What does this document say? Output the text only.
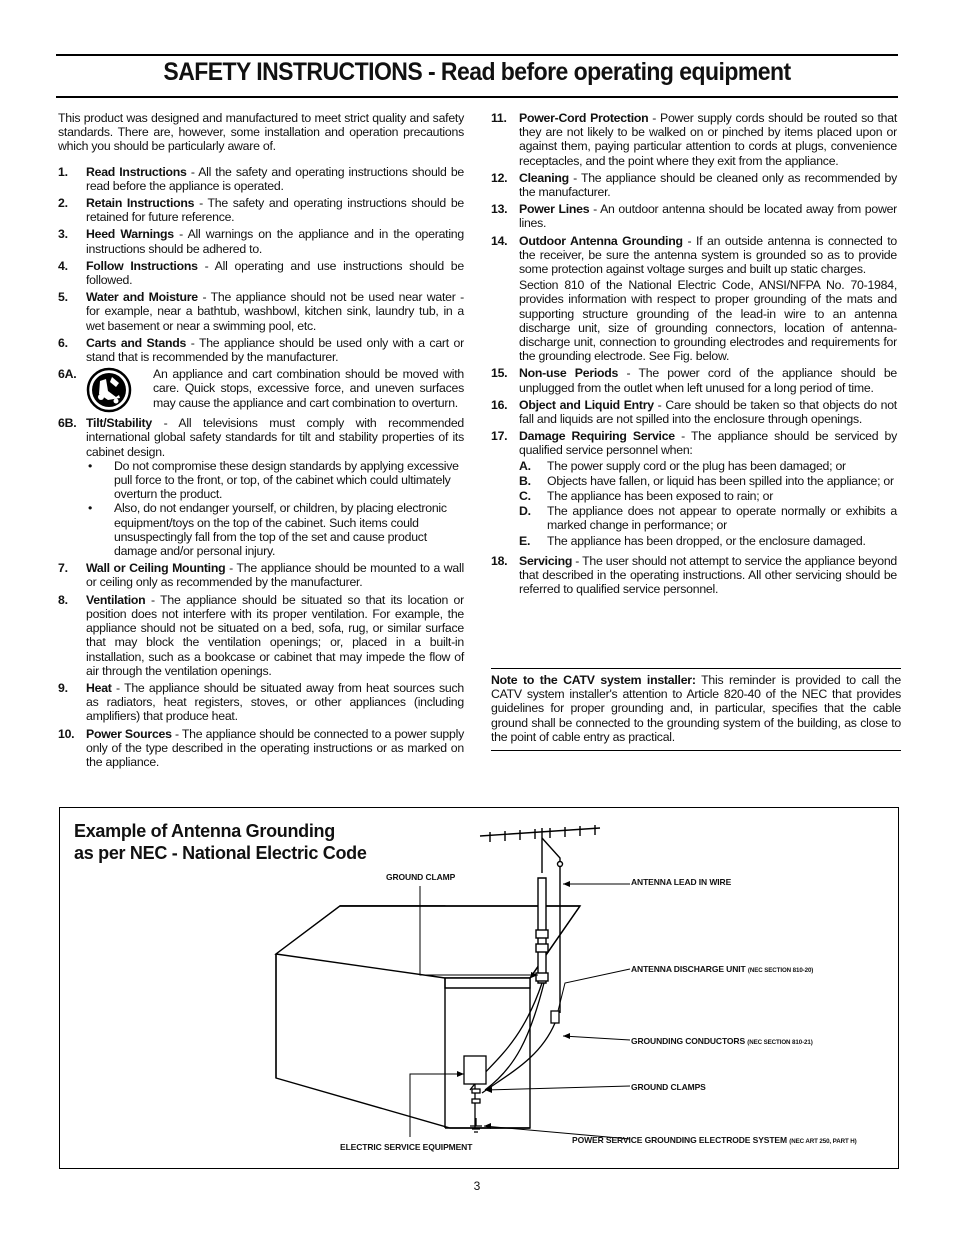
SAFETY INSTRUCTIONS - Read before operating equipment
This product was designed and manufactured to meet strict quality and safety standards. There are, however, some installation and operation precautions which you should be particularly aware of.
1. Read Instructions - All the safety and operating instructions should be read before the appliance is operated.
2. Retain Instructions - The safety and operating instructions should be retained for future reference.
3. Heed Warnings - All warnings on the appliance and in the operating instructions should be adhered to.
4. Follow Instructions - All operating and use instructions should be followed.
5. Water and Moisture - The appliance should not be used near water - for example, near a bathtub, washbowl, kitchen sink, laundry tub, in a wet basement or near a swimming pool, etc.
6. Carts and Stands - The appliance should be used only with a cart or stand that is recommended by the manufacturer.
6A.	An appliance and cart combination should be moved with care. Quick stops, excessive force, and uneven surfaces may cause the appliance and cart combination to overturn.
6B. Tilt/Stability - All televisions must comply with recommended international global safety standards for tilt and stability properties of its cabinet design.
• Do not compromise these design standards by applying excessive pull force to the front, or top, of the cabinet which could ultimately overturn the product.
• Also, do not endanger yourself, or children, by placing electronic equipment/toys on the top of the cabinet. Such items could unsuspectingly fall from the top of the set and cause product damage and/or personal injury.
7. Wall or Ceiling Mounting - The appliance should be mounted to a wall or ceiling only as recommended by the manufacturer.
8. Ventilation - The appliance should be situated so that its location or position does not interfere with its proper ventilation. For example, the appliance should not be situated on a bed, sofa, rug, or similar surface that may block the ventilation openings; or, placed in a built-in installation, such as a bookcase or cabinet that may impede the flow of air through the ventilation openings.
9. Heat - The appliance should be situated away from heat sources such as radiators, heat registers, stoves, or other appliances (including amplifiers) that produce heat.
10. Power Sources - The appliance should be connected to a power supply only of the type described in the operating instructions or as marked on the appliance.
11. Power-Cord Protection - Power supply cords should be routed so that they are not likely to be walked on or pinched by items placed upon or against them, paying particular attention to cords at plugs, convenience receptacles, and the point where they exit from the appliance.
12. Cleaning - The appliance should be cleaned only as recommended by the manufacturer.
13. Power Lines - An outdoor antenna should be located away from power lines.
14. Outdoor Antenna Grounding - If an outside antenna is connected to the receiver, be sure the antenna system is grounded so as to provide some protection against voltage surges and built up static charges.
Section 810 of the National Electric Code, ANSI/NFPA No. 70-1984, provides information with respect to proper grounding of the mats and supporting structure grounding of the lead-in wire to an antenna discharge unit, size of grounding connectors, location of antenna-discharge unit, connection to grounding electrodes and requirements for the grounding electrode. See Fig. below.
15. Non-use Periods - The power cord of the appliance should be unplugged from the outlet when left unused for a long period of time.
16. Object and Liquid Entry - Care should be taken so that objects do not fall and liquids are not spilled into the enclosure through openings.
17. Damage Requiring Service - The appliance should be serviced by qualified service personnel when:
A. The power supply cord or the plug has been damaged; or
B. Objects have fallen, or liquid has been spilled into the appliance; or
C. The appliance has been exposed to rain; or
D. The appliance does not appear to operate normally or exhibits a marked change in performance; or
E. The appliance has been dropped, or the enclosure damaged.
18. Servicing - The user should not attempt to service the appliance beyond that described in the operating instructions. All other servicing should be referred to qualified service personnel.
Note to the CATV system installer: This reminder is provided to call the CATV system installer's attention to Article 820-40 of the NEC that provides guidelines for proper grounding and, in particular, specifies that the cable ground shall be connected to the grounding system of the building, as close to the point of cable entry as practical.
Example of Antenna Grounding
as per NEC - National Electric Code
GROUND CLAMP	ANTENNA LEAD IN WIRE
ANTENNA DISCHARGE UNIT (NEC SECTION 810-20)
GROUNDING CONDUCTORS (NEC SECTION 810-21)
GROUND CLAMPS
POWER SERVICE GROUNDING ELECTRODE SYSTEM (NEC ART 250, PART H)
ELECTRIC SERVICE EQUIPMENT
3
